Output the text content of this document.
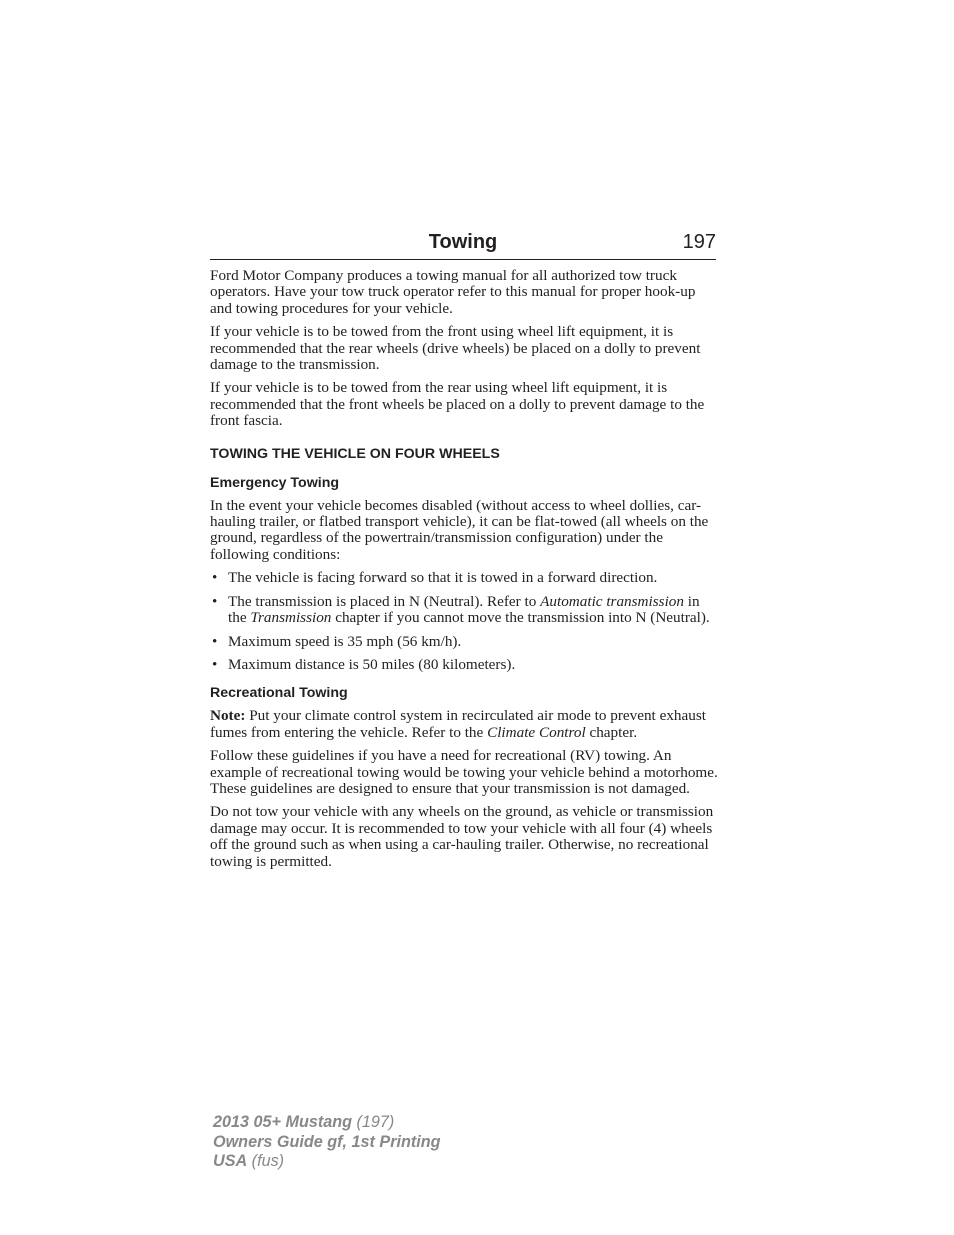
Towing	197

Ford Motor Company produces a towing manual for all authorized tow truck operators. Have your tow truck operator refer to this manual for proper hook-up and towing procedures for your vehicle.

If your vehicle is to be towed from the front using wheel lift equipment, it is recommended that the rear wheels (drive wheels) be placed on a dolly to prevent damage to the transmission.

If your vehicle is to be towed from the rear using wheel lift equipment, it is recommended that the front wheels be placed on a dolly to prevent damage to the front fascia.

TOWING THE VEHICLE ON FOUR WHEELS
Emergency Towing

In the event your vehicle becomes disabled (without access to wheel dollies, car-hauling trailer, or flatbed transport vehicle), it can be flat-towed (all wheels on the ground, regardless of the powertrain/transmission configuration) under the following conditions:

• The vehicle is facing forward so that it is towed in a forward direction.
• The transmission is placed in N (Neutral). Refer to Automatic transmission in the Transmission chapter if you cannot move the transmission into N (Neutral).
• Maximum speed is 35 mph (56 km/h).
• Maximum distance is 50 miles (80 kilometers).
Recreational Towing

Note: Put your climate control system in recirculated air mode to prevent exhaust fumes from entering the vehicle. Refer to the Climate Control chapter.

Follow these guidelines if you have a need for recreational (RV) towing. An example of recreational towing would be towing your vehicle behind a motorhome. These guidelines are designed to ensure that your transmission is not damaged.

Do not tow your vehicle with any wheels on the ground, as vehicle or transmission damage may occur. It is recommended to tow your vehicle with all four (4) wheels off the ground such as when using a car-hauling trailer. Otherwise, no recreational towing is permitted.

2013 05+ Mustang (197)
Owners Guide gf, 1st Printing
USA (fus)
